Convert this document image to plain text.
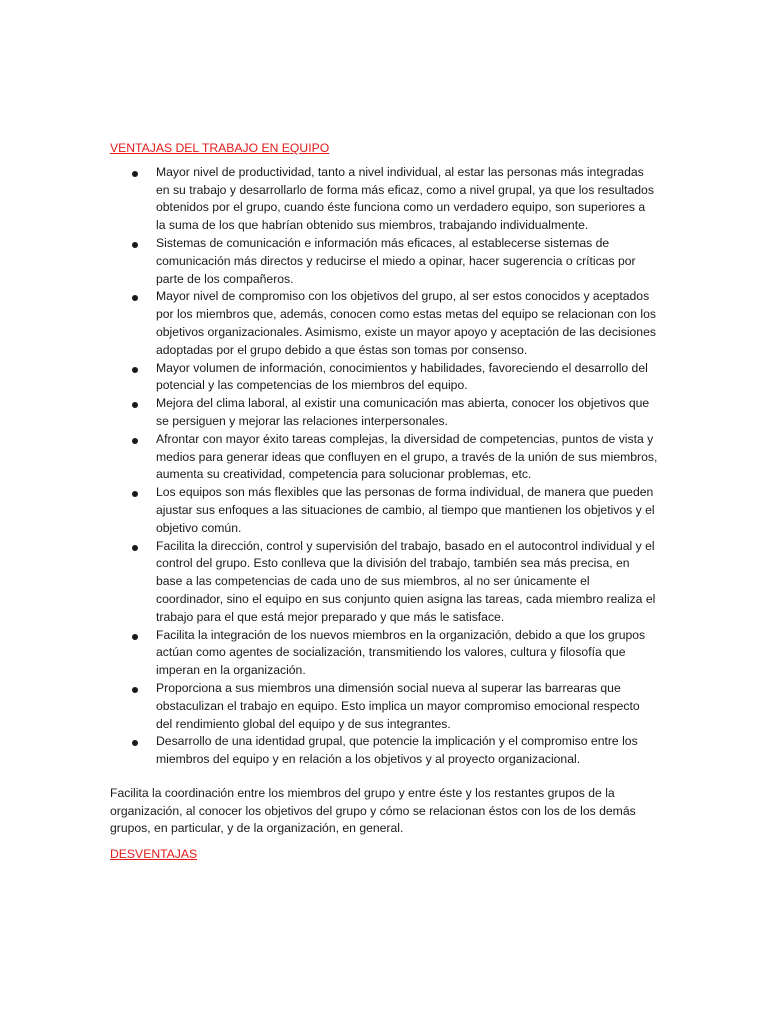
VENTAJAS DEL TRABAJO EN EQUIPO
Mayor nivel de productividad, tanto a nivel individual, al estar las personas más integradas en su trabajo y desarrollarlo de forma más eficaz, como a nivel grupal, ya que los resultados obtenidos por el grupo, cuando éste funciona como un verdadero equipo, son superiores a la suma de los que habrían obtenido sus miembros, trabajando individualmente.
Sistemas de comunicación e información más eficaces, al establecerse sistemas de comunicación más directos y reducirse el miedo a opinar, hacer sugerencia o críticas por parte de los compañeros.
Mayor nivel de compromiso con los objetivos del grupo, al ser estos conocidos y aceptados por los miembros que, además, conocen como estas metas del equipo se relacionan con los objetivos organizacionales. Asimismo, existe un mayor apoyo y aceptación de las decisiones adoptadas por el grupo debido a que éstas son tomas por consenso.
Mayor volumen de información, conocimientos y habilidades, favoreciendo el desarrollo del potencial y las competencias de los miembros del equipo.
Mejora del clima laboral, al existir una comunicación mas abierta, conocer los objetivos que se persiguen y mejorar las relaciones interpersonales.
Afrontar con mayor éxito tareas complejas, la diversidad de competencias, puntos de vista y medios para generar ideas que confluyen en el grupo, a través de la unión de sus miembros, aumenta su creatividad, competencia para solucionar problemas, etc.
Los equipos son más flexibles que las personas de forma individual, de manera que pueden ajustar sus enfoques a las situaciones de cambio, al tiempo que mantienen los objetivos y el objetivo común.
Facilita la dirección, control y supervisión del trabajo, basado en el autocontrol individual y el control del grupo. Esto conlleva que la división del trabajo, también sea más precisa, en base a las competencias de cada uno de sus miembros, al no ser únicamente el coordinador, sino el equipo en sus conjunto quien asigna las tareas, cada miembro realiza el trabajo para el que está mejor preparado y que más le satisface.
Facilita la integración de los nuevos miembros en la organización, debido a que los grupos actúan como agentes de socialización, transmitiendo los valores, cultura y filosofía que imperan en la organización.
Proporciona a sus miembros una dimensión social nueva al superar las barrearas que obstaculizan el trabajo en equipo. Esto implica un mayor compromiso emocional respecto del rendimiento global del equipo y de sus integrantes.
Desarrollo de una identidad grupal, que potencie la implicación y el compromiso entre los miembros del equipo y en relación a los objetivos y al proyecto organizacional.

Facilita la coordinación entre los miembros del grupo y entre éste y los restantes grupos de la organización, al conocer los objetivos del grupo y cómo se relacionan éstos con los de los demás grupos, en particular, y de la organización, en general.

DESVENTAJAS
